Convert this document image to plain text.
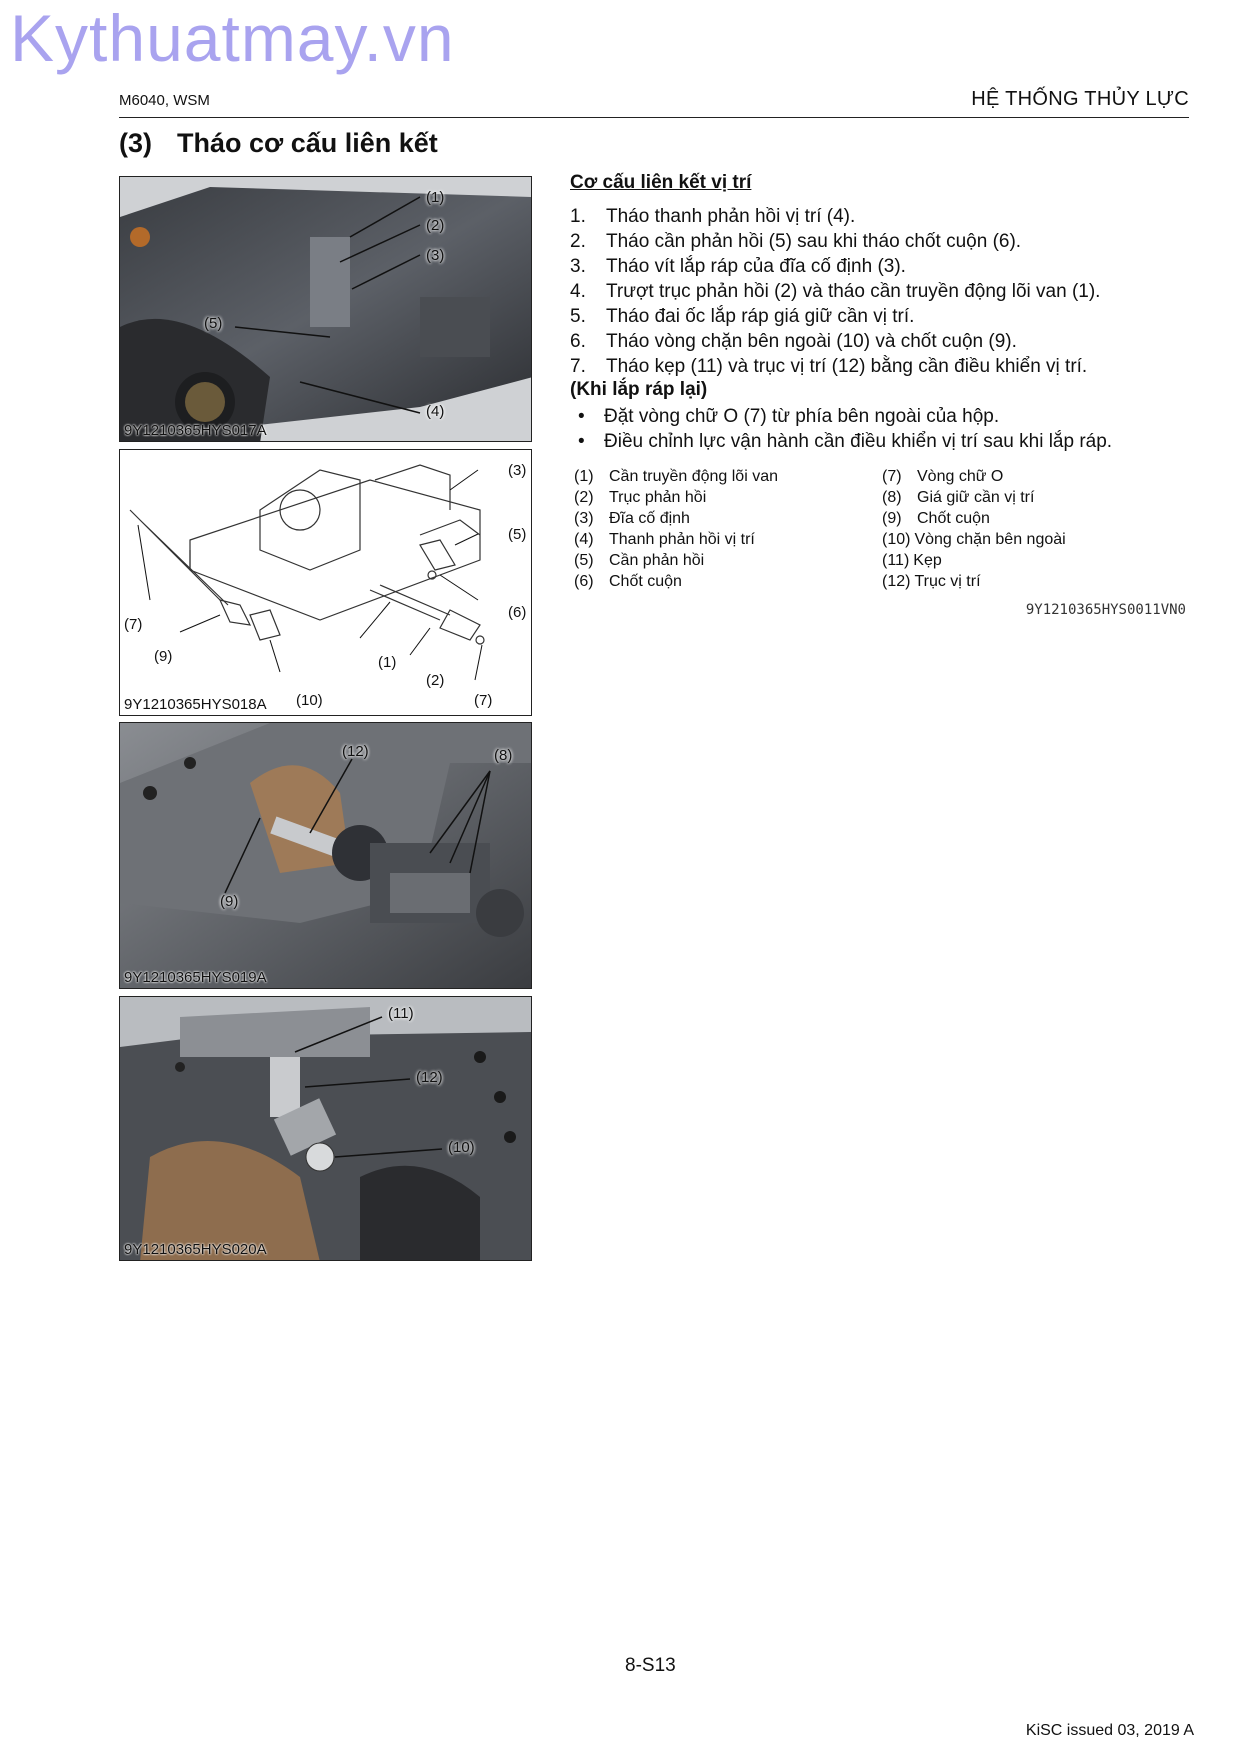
Kythuatmay.vn
M6040, WSM	HỆ THỐNG THỦY LỰC
(3) Tháo cơ cấu liên kết
(1)
(2)
(3)
(5)
(4)
9Y1210365HYS017A
(3)
(5)
(6)
(7)
(9)	(1)
(2)
(10)	(7)
9Y1210365HYS018A
(12)	(8)
(9)
9Y1210365HYS019A
(11)
(12)
(10)
9Y1210365HYS020A
Cơ cấu liên kết vị trí
1. Tháo thanh phản hồi vị trí (4).
2. Tháo cần phản hồi (5) sau khi tháo chốt cuộn (6).
3. Tháo vít lắp ráp của đĩa cố định (3).
4. Trượt trục phản hồi (2) và tháo cần truyền động lõi van (1).
5. Tháo đai ốc lắp ráp giá giữ cần vị trí.
6. Tháo vòng chặn bên ngoài (10) và chốt cuộn (9).
7. Tháo kẹp (11) và trục vị trí (12) bằng cần điều khiển vị trí.
(Khi lắp ráp lại)
• Đặt vòng chữ O (7) từ phía bên ngoài của hộp.
• Điều chỉnh lực vận hành cần điều khiển vị trí sau khi lắp ráp.
(1) Cần truyền động lõi van
(2) Trục phản hồi
(3) Đĩa cố định
(4) Thanh phản hồi vị trí
(5) Cần phản hồi
(6) Chốt cuộn
(7) Vòng chữ O
(8) Giá giữ cần vị trí
(9) Chốt cuộn
(10) Vòng chặn bên ngoài
(11) Kẹp
(12) Trục vị trí
9Y1210365HYS0011VN0
8-S13
KiSC issued 03, 2019 A
